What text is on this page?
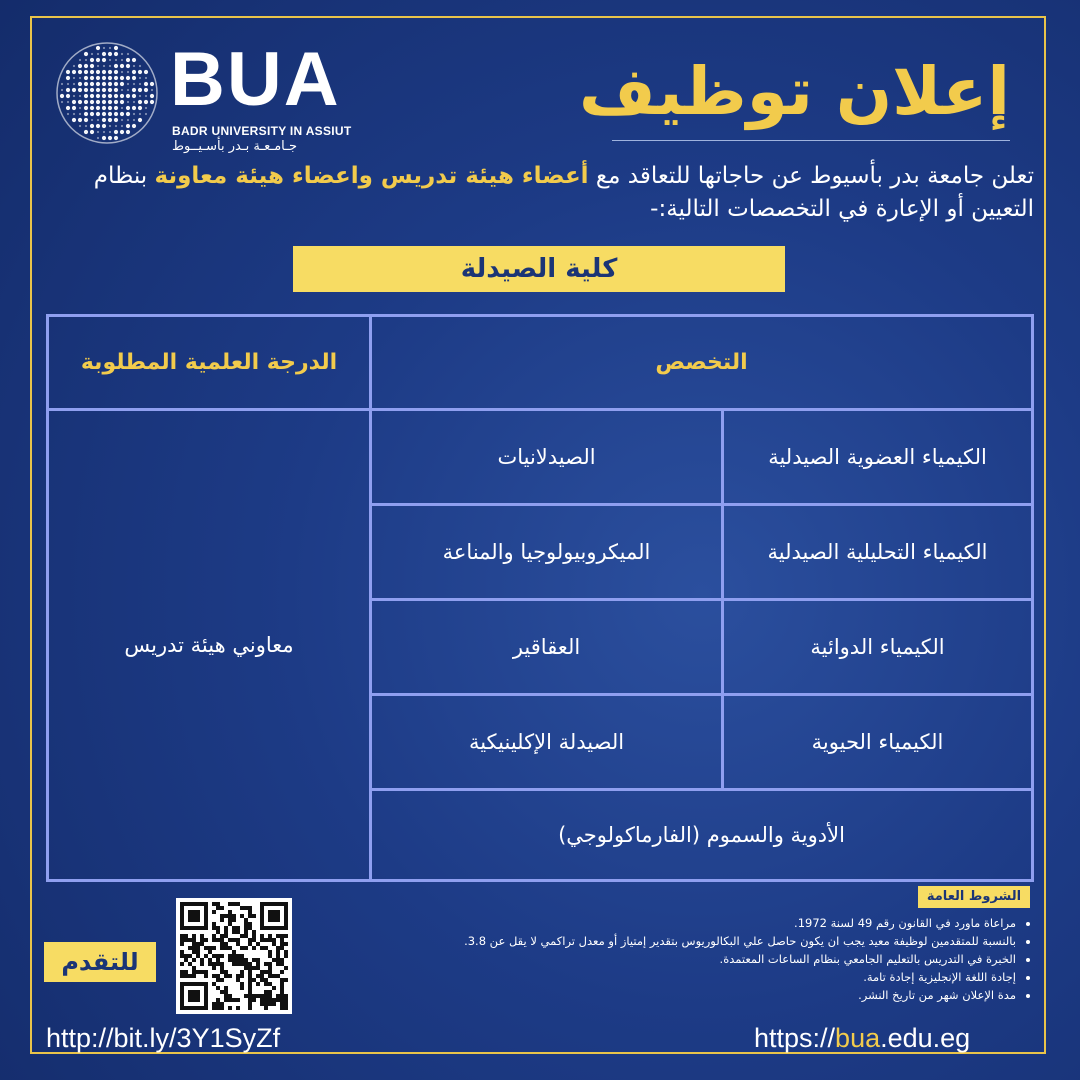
BUA
BADR UNIVERSITY IN ASSIUT
جـامـعـة بـدر بأسـيــوط
إعلان توظيف
تعلن جامعة بدر بأسيوط عن حاجاتها للتعاقد مع أعضاء هيئة تدريس واعضاء هيئة معاونة بنظام التعيين أو الإعارة في التخصصات التالية:-
كلية الصيدلة
التخصص
الدرجة العلمية المطلوبة
معاوني هيئة تدريس
الكيمياء العضوية الصيدلية
الصيدلانيات
الكيمياء التحليلية الصيدلية
الميكروبيولوجيا والمناعة
الكيمياء الدوائية
العقاقير
الكيمياء الحيوية
الصيدلة الإكلينيكية
الأدوية والسموم (الفارماكولوجي)
الشروط العامة
• مراعاة ماورد في القانون رقم 49 لسنة 1972.
• بالنسبة للمتقدمين لوظيفة معيد يجب ان يكون حاصل علي البكالوريوس بتقدير إمتياز أو معدل تراكمي لا يقل عن 3.8.
• الخبرة في التدريس بالتعليم الجامعي بنظام الساعات المعتمدة.
• إجادة اللغة الإنجليزية إجادة تامة.
• مدة الإعلان شهر من تاريخ النشر.
للتقدم
http://bit.ly/3Y1SyZf	https://bua.edu.eg
